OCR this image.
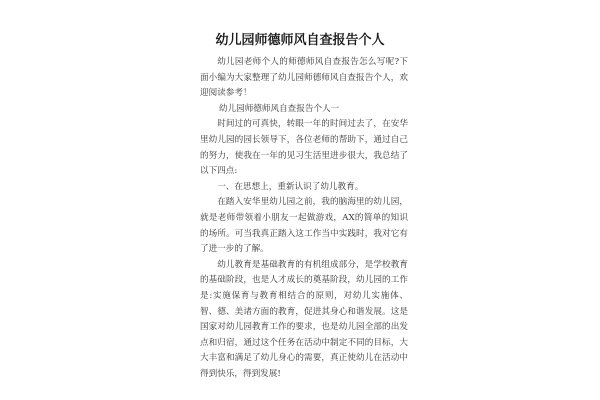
幼儿园师德师风自查报告个人

幼儿园老师个人的师德师风自查报告怎么写呢?下面小编为大家整理了幼儿园师德师风自查报告个人，欢迎阅读参考！

幼儿园师德师风自查报告个人一

时间过的可真快，转眼一年的时间过去了，在安华里幼儿园的园长领导下，各位老师的帮助下，通过自己的努力，使我在一年的见习生活里进步很大，我总结了以下四点:

一、在思想上，重新认识了幼儿教育。

在踏入安华里幼儿园之前，我的脑海里的幼儿园，就是老师带领着小朋友一起做游戏，AX的简单的知识的场所。可当我真正踏入这工作当中实践时，我对它有了进一步的了解。

幼儿教育是基础教育的有机组成部分，是学校教育的基础阶段，也是人才成长的奠基阶段，幼儿园的工作是:实施保育与教育相结合的原则，对幼儿实施体、智、德、美诸方面的教育，促进其身心和谐发展。这是国家对幼儿园教育工作的要求，也是幼儿园全部的出发点和归宿，通过这个任务在活动中制定不同的目标，大大丰富和满足了幼儿身心的需要，真正使幼儿在活动中得到快乐，得到发展!
